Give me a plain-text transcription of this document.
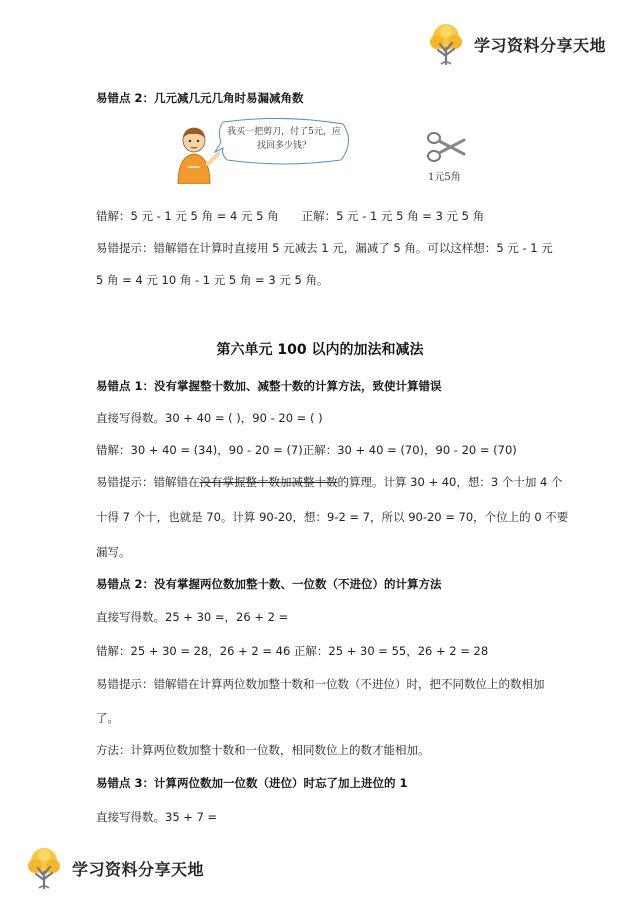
学习资料分享天地
易错点 2：几元减几元几角时易漏减角数
我买一把剪刀，付了5元，应找回多少钱？
1元5角
错解：5 元 - 1 元 5 角 = 4 元 5 角　　正解：5 元 - 1 元 5 角 = 3 元 5 角
易错提示：错解错在计算时直接用 5 元减去 1 元，漏减了 5 角。可以这样想：5 元 - 1 元
5 角 = 4 元 10 角 - 1 元 5 角 = 3 元 5 角。
第六单元 100 以内的加法和减法
易错点 1：没有掌握整十数加、减整十数的计算方法，致使计算错误
直接写得数。30 + 40 = ( )，90 - 20 = ( )
错解：30 + 40 = (34)，90 - 20 = (7)正解：30 + 40 = (70)，90 - 20 = (70)
易错提示：错解错在没有掌握整十数加减整十数的算理。计算 30 + 40，想：3 个十加 4 个
十得 7 个十，也就是 70。计算 90-20，想：9-2 = 7，所以 90-20 = 70，个位上的 0 不要
漏写。
易错点 2：没有掌握两位数加整十数、一位数（不进位）的计算方法
直接写得数。25 + 30 =，26 + 2 =
错解：25 + 30 = 28，26 + 2 = 46 正解：25 + 30 = 55，26 + 2 = 28
易错提示：错解错在计算两位数加整十数和一位数（不进位）时，把不同数位上的数相加
了。
方法：计算两位数加整十数和一位数，相同数位上的数才能相加。
易错点 3：计算两位数加一位数（进位）时忘了加上进位的 1
直接写得数。35 + 7 =
学习资料分享天地
